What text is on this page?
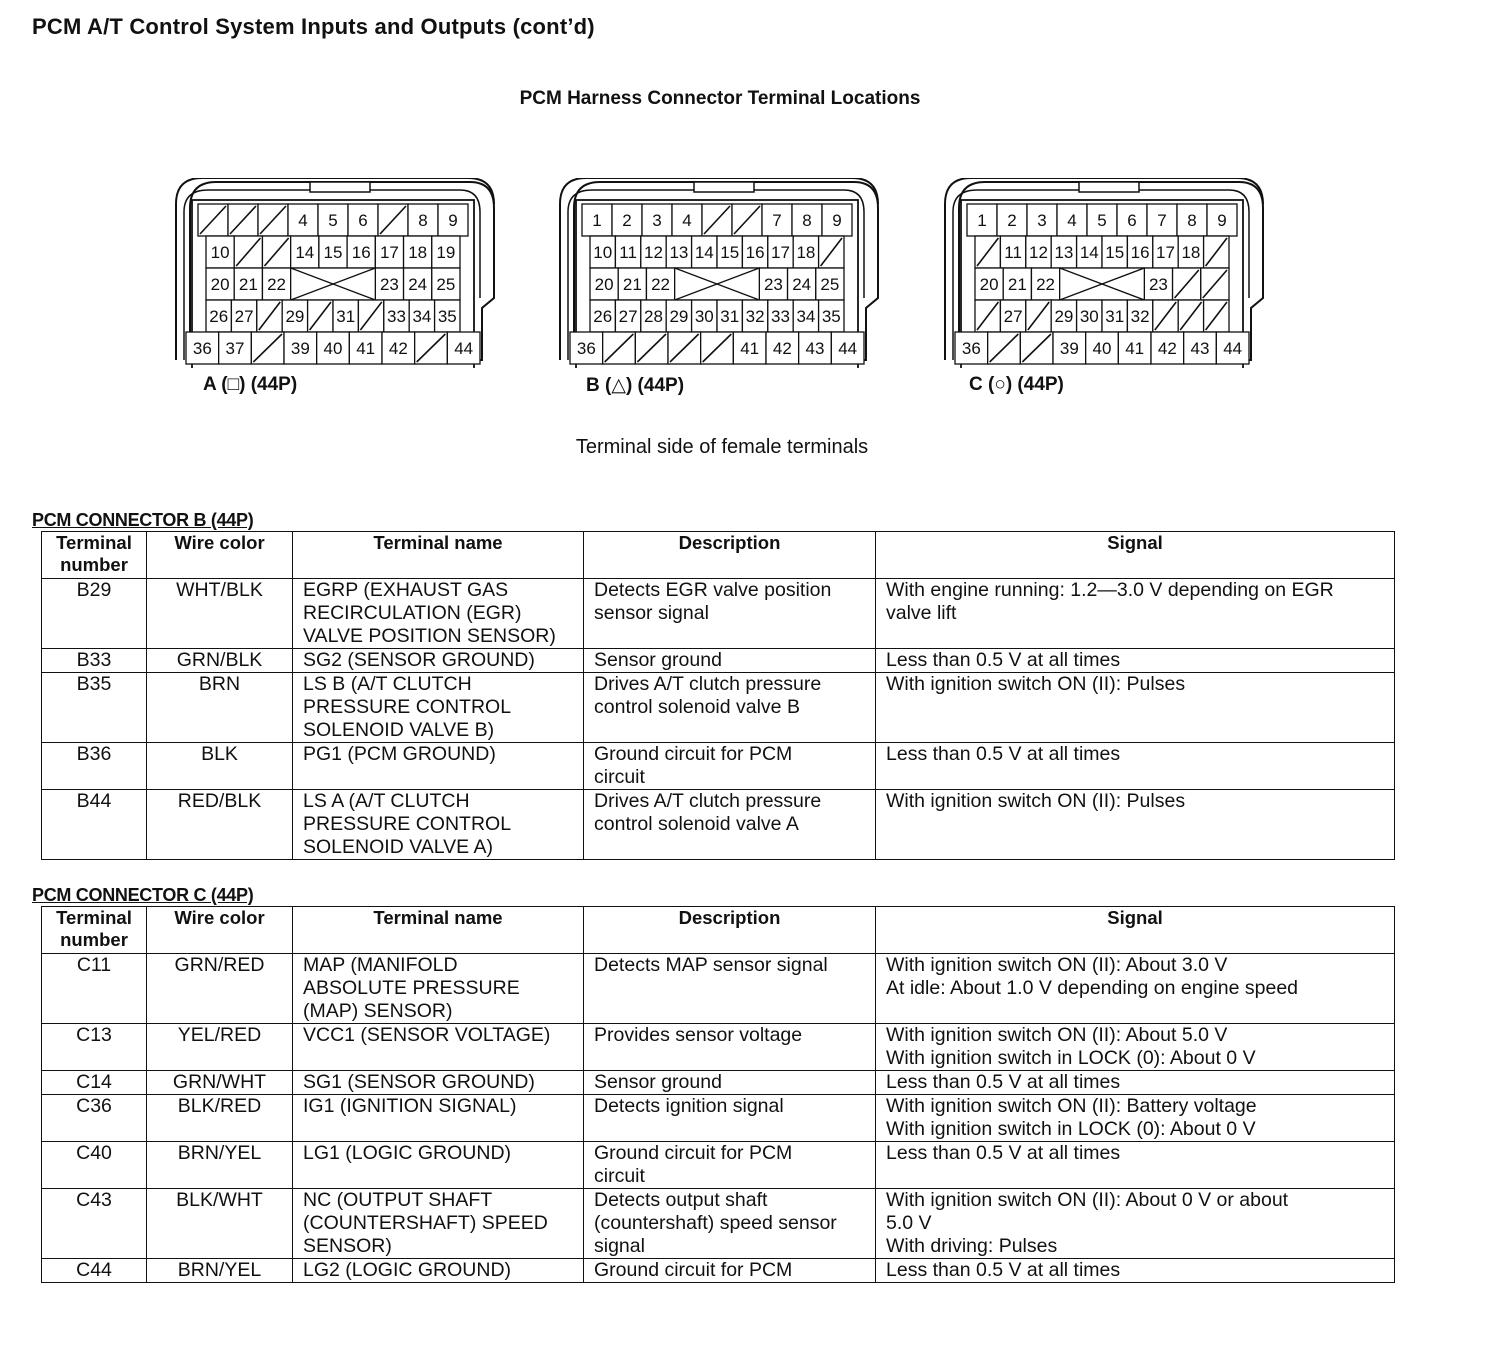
PCM A/T Control System Inputs and Outputs (cont’d)
PCM Harness Connector Terminal Locations
4 5 6	8 9
10	14 15 16 17 18 19
20 21 22	23 24 25
26 27 29 31 33 34 35
36 37	39 40 41 42	44
1 2 3 4	7 8 9
10 11 12 13 14 15 16 17 18
20 21 22	23 24 25
26 27 28 29 30 31 32 33 34 35
36	41 42 43 44
1 2 3 4 5 6 7 8 9
11 12 13 14 15 16 17 18
20 21 22	23
27 29 30 31 32
36	39 40 41 42 43 44
A (□) (44P)	B (△) (44P)	C (○) (44P)
Terminal side of female terminals
PCM CONNECTOR B (44P)
Terminal number	Wire color	Terminal name	Description	Signal
B29	WHT/BLK	EGRP (EXHAUST GAS
RECIRCULATION (EGR)
VALVE POSITION SENSOR)	Detects EGR valve position
sensor signal	With engine running: 1.2—3.0 V depending on EGR
valve lift

B33	GRN/BLK	SG2 (SENSOR GROUND)	Sensor ground	Less than 0.5 V at all times

B35	BRN	LS B (A/T CLUTCH
PRESSURE CONTROL
SOLENOID VALVE B)	Drives A/T clutch pressure
control solenoid valve B	With ignition switch ON (II): Pulses

B36	BLK	PG1 (PCM GROUND)	Ground circuit for PCM
circuit	Less than 0.5 V at all times

B44	RED/BLK	LS A (A/T CLUTCH
PRESSURE CONTROL
SOLENOID VALVE A)	Drives A/T clutch pressure
control solenoid valve A	With ignition switch ON (II): Pulses
PCM CONNECTOR C (44P)
Terminal number	Wire color	Terminal name	Description	Signal
C11	GRN/RED	MAP (MANIFOLD
ABSOLUTE PRESSURE
(MAP) SENSOR)	Detects MAP sensor signal	With ignition switch ON (II): About 3.0 V
At idle: About 1.0 V depending on engine speed

C13	YEL/RED	VCC1 (SENSOR VOLTAGE)	Provides sensor voltage	With ignition switch ON (II): About 5.0 V
With ignition switch in LOCK (0): About 0 V

C14	GRN/WHT	SG1 (SENSOR GROUND)	Sensor ground	Less than 0.5 V at all times

C36	BLK/RED	IG1 (IGNITION SIGNAL)	Detects ignition signal	With ignition switch ON (II): Battery voltage
With ignition switch in LOCK (0): About 0 V

C40	BRN/YEL	LG1 (LOGIC GROUND)	Ground circuit for PCM
circuit	Less than 0.5 V at all times

C43	BLK/WHT	NC (OUTPUT SHAFT
(COUNTERSHAFT) SPEED
SENSOR)	Detects output shaft
(countershaft) speed sensor
signal	With ignition switch ON (II): About 0 V or about
5.0 V
With driving: Pulses

C44	BRN/YEL	LG2 (LOGIC GROUND)	Ground circuit for PCM	Less than 0.5 V at all times
